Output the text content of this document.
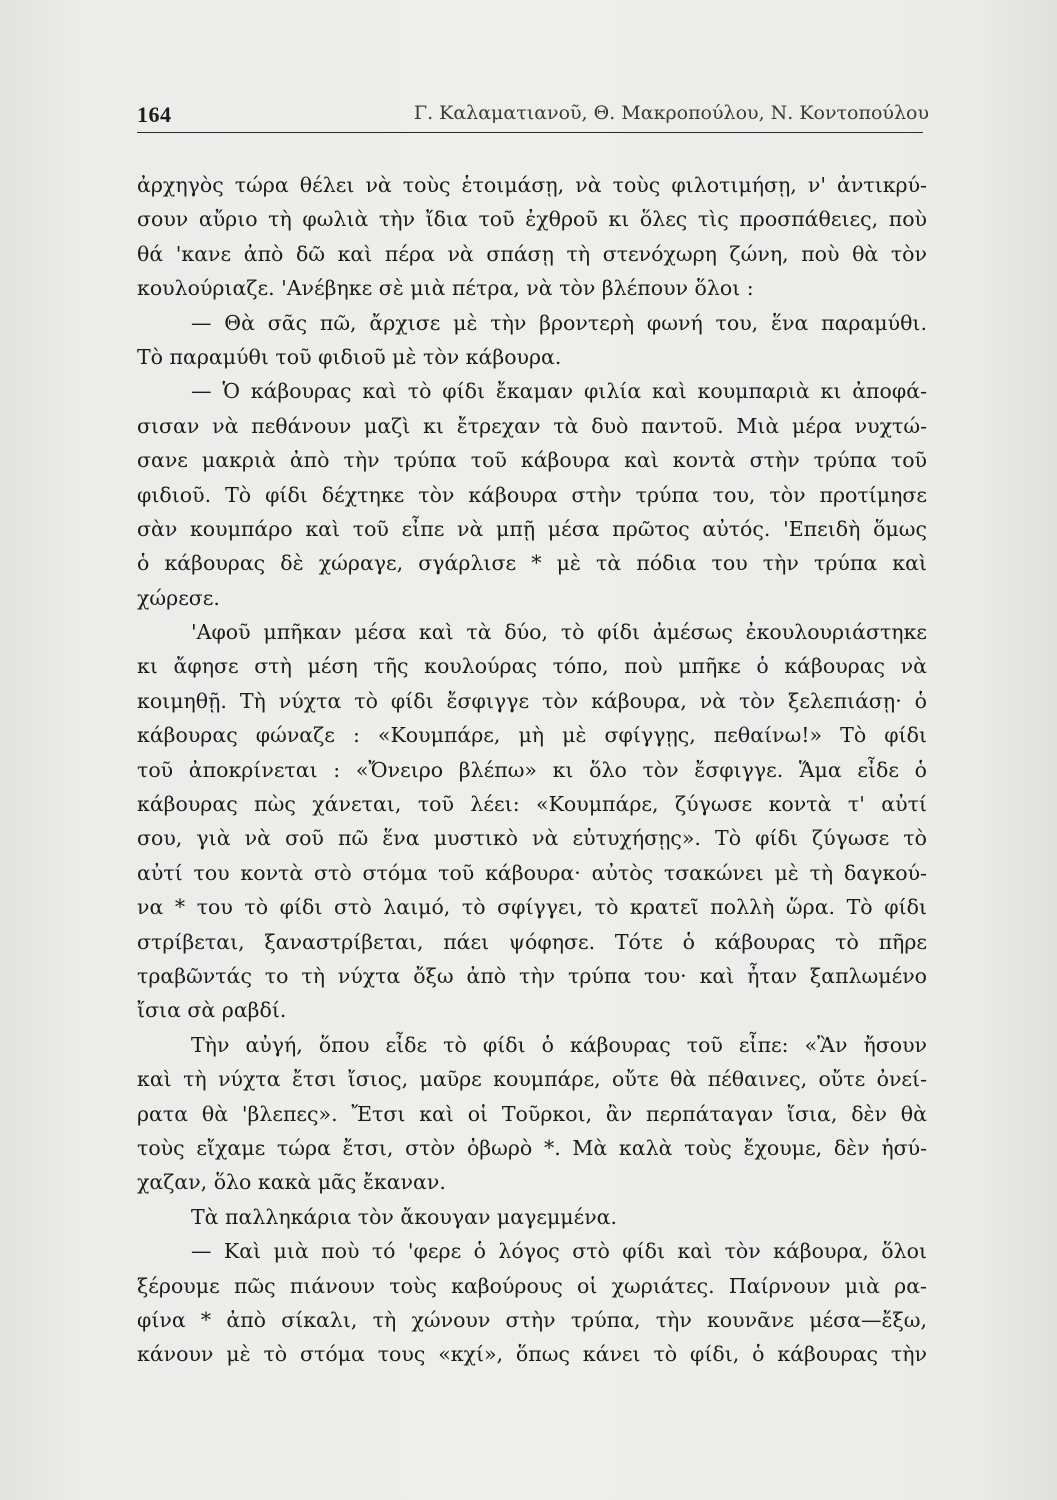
164	Γ. Καλαματιανοῦ, Θ. Μακροπούλου, Ν. Κοντοπούλου
ἀρχηγὸς τώρα θέλει νὰ τοὺς ἑτοιμάσῃ, νὰ τοὺς φιλοτιμήσῃ, ν' ἀντικρύ-
σουν αὔριο τὴ φωλιὰ τὴν ἴδια τοῦ ἐχθροῦ κι ὅλες τὶς προσπάθειες, ποὺ
θά 'κανε ἀπὸ δῶ καὶ πέρα νὰ σπάσῃ τὴ στενόχωρη ζώνη, ποὺ θὰ τὸν
κουλούριαζε. 'Ανέβηκε σὲ μιὰ πέτρα, νὰ τὸν βλέπουν ὅλοι :
— Θὰ σᾶς πῶ, ἄρχισε μὲ τὴν βροντερὴ φωνή του, ἕνα παραμύθι.
Τὸ παραμύθι τοῦ φιδιοῦ μὲ τὸν κάβουρα.
— Ὁ κάβουρας καὶ τὸ φίδι ἔκαμαν φιλία καὶ κουμπαριὰ κι ἀποφά-
σισαν νὰ πεθάνουν μαζὶ κι ἔτρεχαν τὰ δυὸ παντοῦ. Μιὰ μέρα νυχτώ-
σανε μακριὰ ἀπὸ τὴν τρύπα τοῦ κάβουρα καὶ κοντὰ στὴν τρύπα τοῦ
φιδιοῦ. Τὸ φίδι δέχτηκε τὸν κάβουρα στὴν τρύπα του, τὸν προτίμησε
σὰν κουμπάρο καὶ τοῦ εἶπε νὰ μπῇ μέσα πρῶτος αὐτός. 'Επειδὴ ὅμως
ὁ κάβουρας δὲ χώραγε, σγάρλισε * μὲ τὰ πόδια του τὴν τρύπα καὶ
χώρεσε.
'Αφοῦ μπῆκαν μέσα καὶ τὰ δύο, τὸ φίδι ἀμέσως ἐκουλουριάστηκε
κι ἄφησε στὴ μέση τῆς κουλούρας τόπο, ποὺ μπῆκε ὁ κάβουρας νὰ
κοιμηθῇ. Τὴ νύχτα τὸ φίδι ἔσφιγγε τὸν κάβουρα, νὰ τὸν ξελεπιάσῃ· ὁ
κάβουρας φώναζε : «Κουμπάρε, μὴ μὲ σφίγγῃς, πεθαίνω!» Τὸ φίδι
τοῦ ἀποκρίνεται : «Ὄνειρο βλέπω» κι ὅλο τὸν ἔσφιγγε. Ἅμα εἶδε ὁ
κάβουρας πὼς χάνεται, τοῦ λέει: «Κουμπάρε, ζύγωσε κοντὰ τ' αὐτί
σου, γιὰ νὰ σοῦ πῶ ἕνα μυστικὸ νὰ εὐτυχήσῃς». Τὸ φίδι ζύγωσε τὸ
αὐτί του κοντὰ στὸ στόμα τοῦ κάβουρα· αὐτὸς τσακώνει μὲ τὴ δαγκού-
να * του τὸ φίδι στὸ λαιμό, τὸ σφίγγει, τὸ κρατεῖ πολλὴ ὥρα. Τὸ φίδι
στρίβεται, ξαναστρίβεται, πάει ψόφησε. Τότε ὁ κάβουρας τὸ πῆρε
τραβῶντάς το τὴ νύχτα ὄξω ἀπὸ τὴν τρύπα του· καὶ ἦταν ξαπλωμένο
ἴσια σὰ ραβδί.
Τὴν αὐγή, ὅπου εἶδε τὸ φίδι ὁ κάβουρας τοῦ εἶπε: «Ἂν ἤσουν
καὶ τὴ νύχτα ἔτσι ἴσιος, μαῦρε κουμπάρε, οὔτε θὰ πέθαινες, οὔτε ὀνεί-
ρατα θὰ 'βλεπες». Ἔτσι καὶ οἱ Τοῦρκοι, ἂν περπάταγαν ἴσια, δὲν θὰ
τοὺς εἴχαμε τώρα ἔτσι, στὸν ὀβωρὸ *. Μὰ καλὰ τοὺς ἔχουμε, δὲν ἡσύ-
χαζαν, ὅλο κακὰ μᾶς ἔκαναν.
Τὰ παλληκάρια τὸν ἄκουγαν μαγεμμένα.
— Καὶ μιὰ ποὺ τό 'φερε ὁ λόγος στὸ φίδι καὶ τὸν κάβουρα, ὅλοι
ξέρουμε πῶς πιάνουν τοὺς καβούρους οἱ χωριάτες. Παίρνουν μιὰ ρα-
φίνα * ἀπὸ σίκαλι, τὴ χώνουν στὴν τρύπα, τὴν κουνᾶνε μέσα—ἔξω,
κάνουν μὲ τὸ στόμα τους «κχί», ὅπως κάνει τὸ φίδι, ὁ κάβουρας τὴν
